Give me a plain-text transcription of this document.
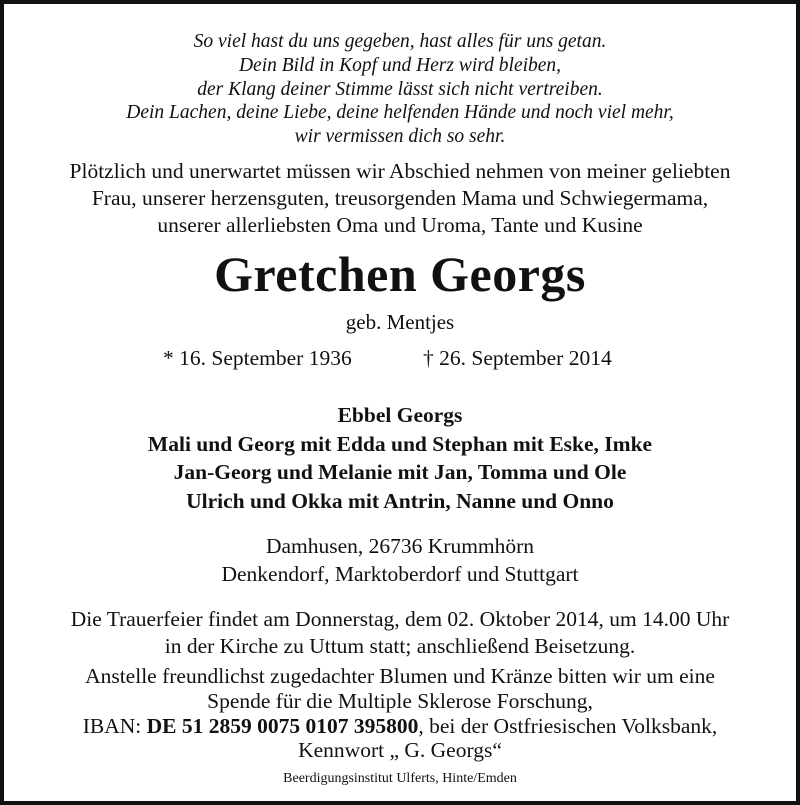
So viel hast du uns gegeben, hast alles für uns getan.
Dein Bild in Kopf und Herz wird bleiben,
der Klang deiner Stimme lässt sich nicht vertreiben.
Dein Lachen, deine Liebe, deine helfenden Hände und noch viel mehr,
wir vermissen dich so sehr.
Plötzlich und unerwartet müssen wir Abschied nehmen von meiner geliebten
Frau, unserer herzensguten, treusorgenden Mama und Schwiegermama,
unserer allerliebsten Oma und Uroma, Tante und Kusine
Gretchen Georgs
geb. Mentjes
* 16. September 1936	† 26. September 2014
Ebbel Georgs
Mali und Georg mit Edda und Stephan mit Eske, Imke
Jan-Georg und Melanie mit Jan, Tomma und Ole
Ulrich und Okka mit Antrin, Nanne und Onno
Damhusen, 26736 Krummhörn
Denkendorf, Marktoberdorf und Stuttgart
Die Trauerfeier findet am Donnerstag, dem 02. Oktober 2014, um 14.00 Uhr
in der Kirche zu Uttum statt; anschließend Beisetzung.
Anstelle freundlichst zugedachter Blumen und Kränze bitten wir um eine
Spende für die Multiple Sklerose Forschung,
IBAN: DE 51 2859 0075 0107 395800, bei der Ostfriesischen Volksbank,
Kennwort „ G. Georgs“
Beerdigungsinstitut Ulferts, Hinte/Emden
